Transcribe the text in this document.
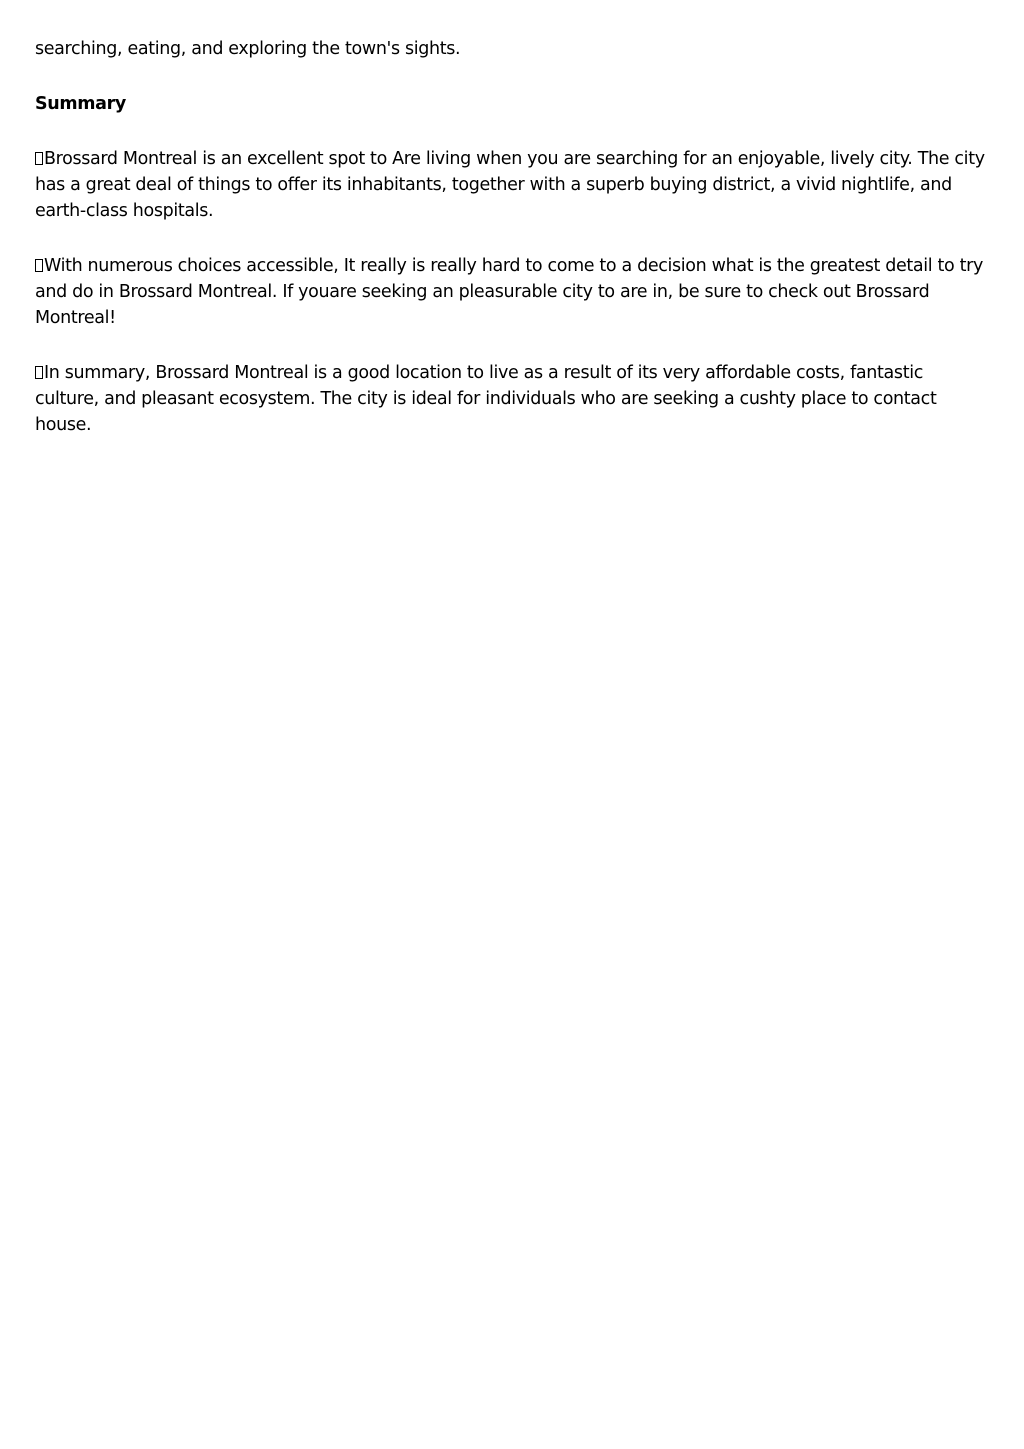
searching, eating, and exploring the town's sights.

Summary

Brossard Montreal is an excellent spot to Are living when you are searching for an enjoyable, lively city. The city has a great deal of things to offer its inhabitants, together with a superb buying district, a vivid nightlife, and earth-class hospitals.

With numerous choices accessible, It really is really hard to come to a decision what is the greatest detail to try and do in Brossard Montreal. If youare seeking an pleasurable city to are in, be sure to check out Brossard Montreal!

In summary, Brossard Montreal is a good location to live as a result of its very affordable costs, fantastic culture, and pleasant ecosystem. The city is ideal for individuals who are seeking a cushty place to contact house.
